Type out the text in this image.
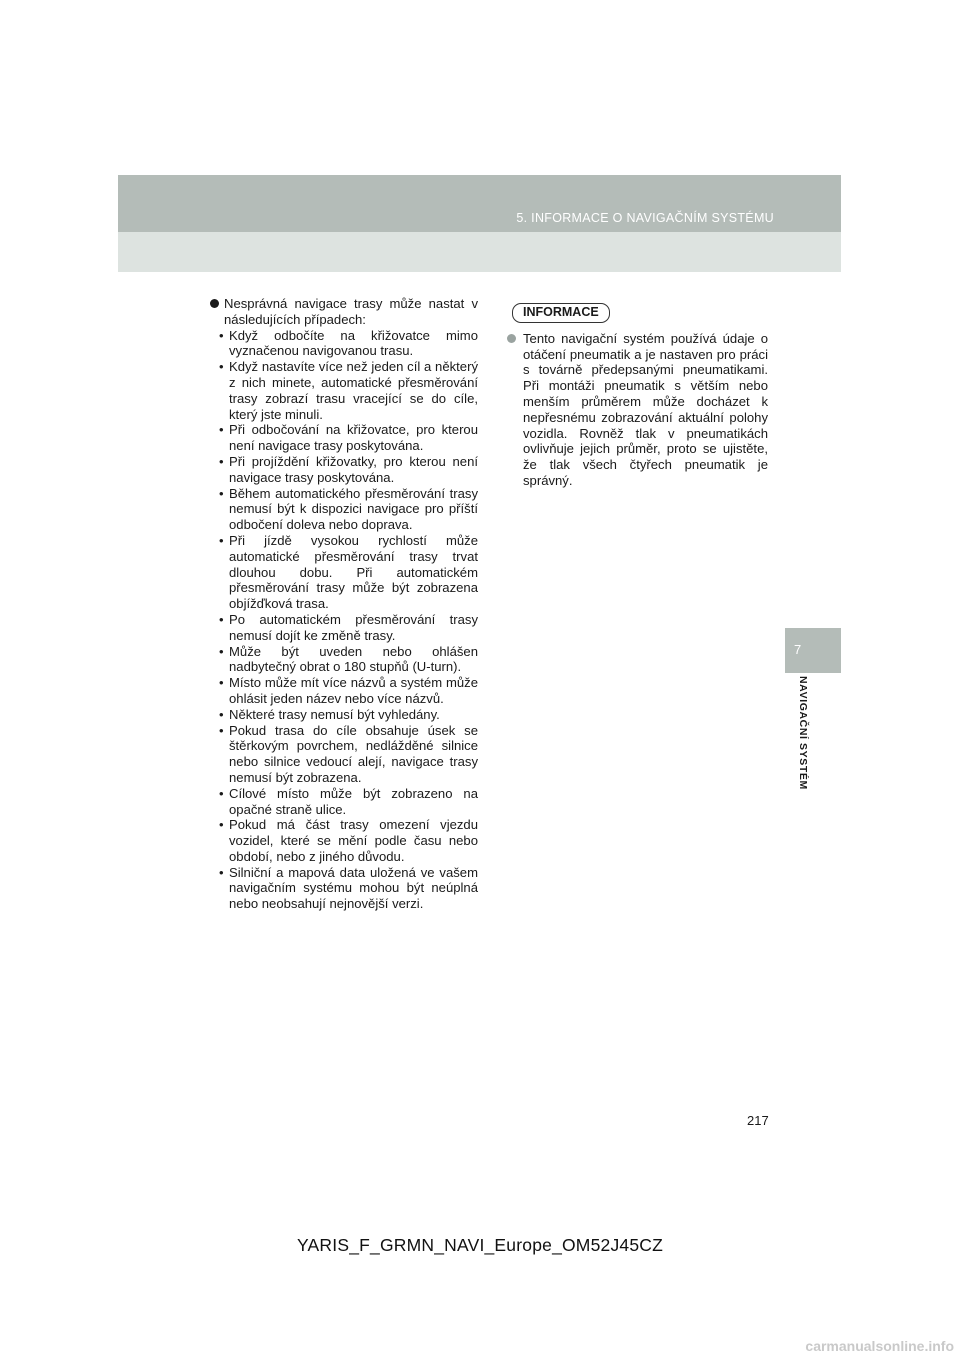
5. INFORMACE O NAVIGAČNÍM SYSTÉMU
7
NAVIGAČNÍ SYSTÉM
Nesprávná navigace trasy může nastat v následujících případech:
• Když odbočíte na křižovatce mimo vyznačenou navigovanou trasu.
• Když nastavíte více než jeden cíl a některý z nich minete, automatické přesměrování trasy zobrazí trasu vracející se do cíle, který jste minuli.
• Při odbočování na křižovatce, pro kterou není navigace trasy poskytována.
• Při projíždění křižovatky, pro kterou není navigace trasy poskytována.
• Během automatického přesměrování trasy nemusí být k dispozici navigace pro příští odbočení doleva nebo doprava.
• Při jízdě vysokou rychlostí může automatické přesměrování trasy trvat dlouhou dobu. Při automatickém přesměrování trasy může být zobrazena objížďková trasa.
• Po automatickém přesměrování trasy nemusí dojít ke změně trasy.
• Může být uveden nebo ohlášen nadbytečný obrat o 180 stupňů (U-turn).
• Místo může mít více názvů a systém může ohlásit jeden název nebo více názvů.
• Některé trasy nemusí být vyhledány.
• Pokud trasa do cíle obsahuje úsek se štěrkovým povrchem, nedlážděné silnice nebo silnice vedoucí alejí, navigace trasy nemusí být zobrazena.
• Cílové místo může být zobrazeno na opačné straně ulice.
• Pokud má část trasy omezení vjezdu vozidel, které se mění podle času nebo období, nebo z jiného důvodu.
• Silniční a mapová data uložená ve vašem navigačním systému mohou být neúplná nebo neobsahují nejnovější verzi.
INFORMACE
Tento navigační systém používá údaje o otáčení pneumatik a je nastaven pro práci s továrně předepsanými pneumatikami. Při montáži pneumatik s větším nebo menším průměrem může docházet k nepřesnému zobrazování aktuální polohy vozidla. Rovněž tlak v pneumatikách ovlivňuje jejich průměr, proto se ujistěte, že tlak všech čtyřech pneumatik je správný.
217
YARIS_F_GRMN_NAVI_Europe_OM52J45CZ
carmanualsonline.info
